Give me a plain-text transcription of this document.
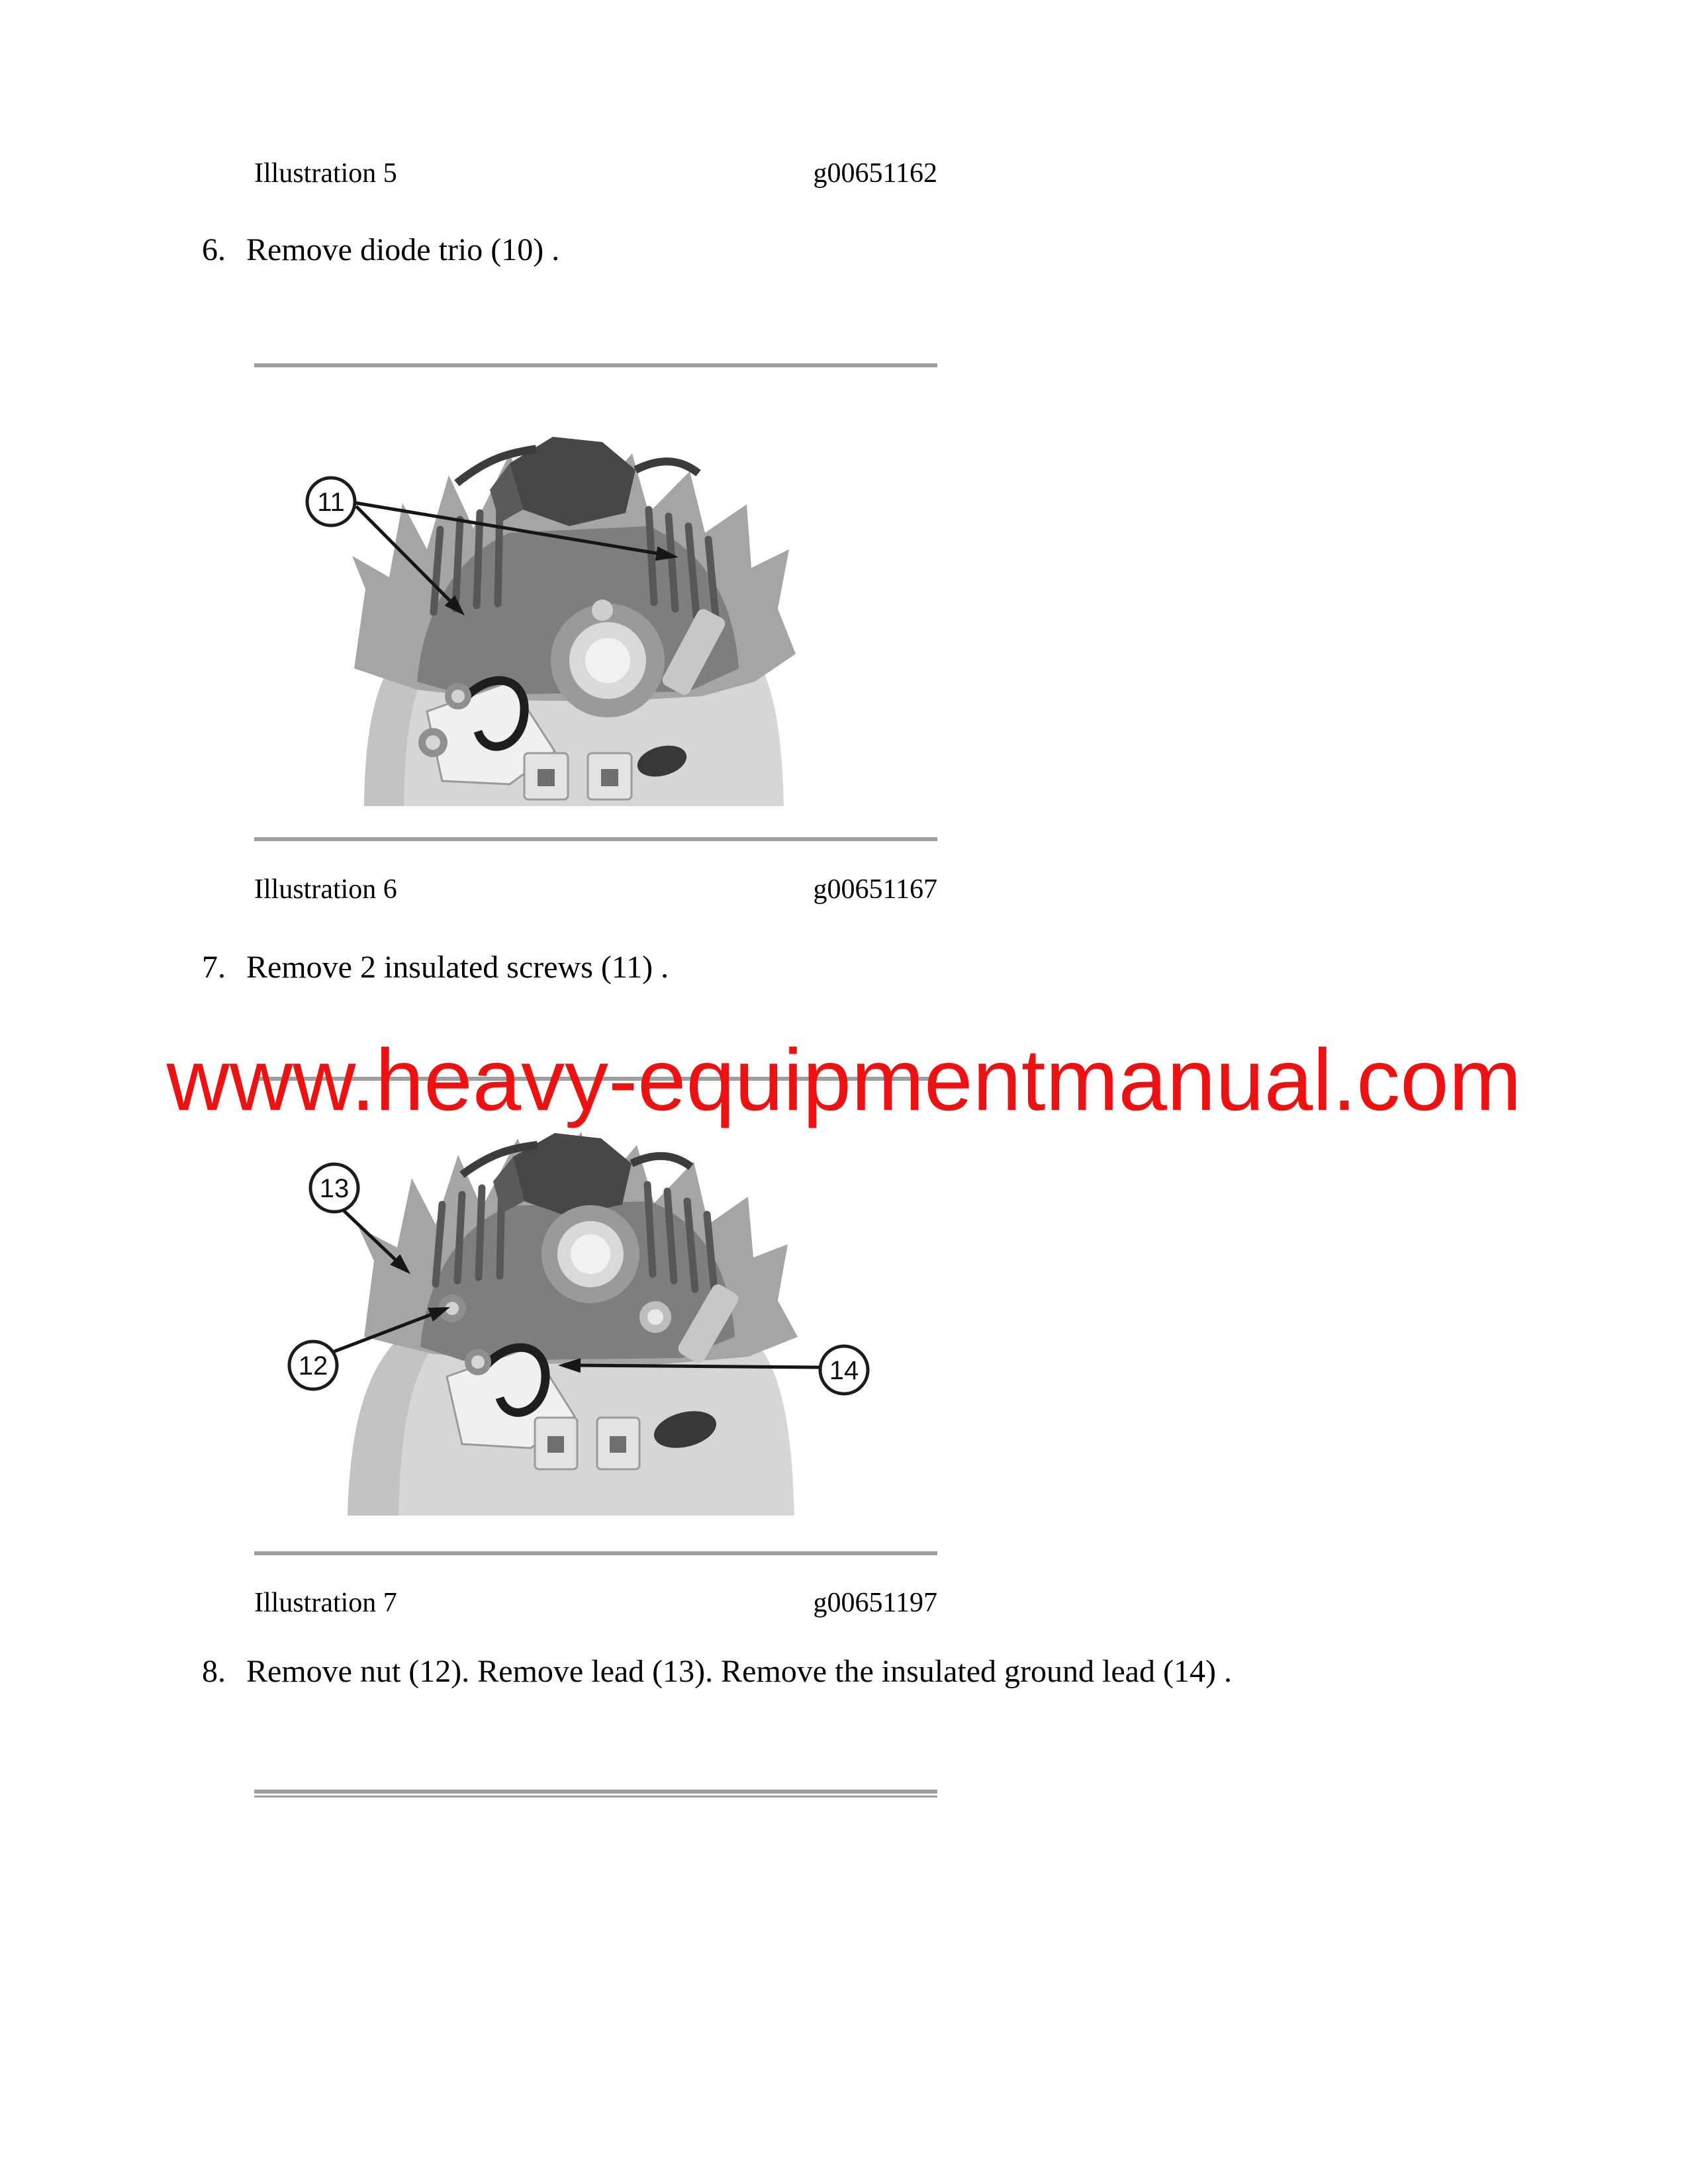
Illustration 5	g00651162
6. Remove diode trio (10) .
11
Illustration 6	g00651167
7. Remove 2 insulated screws (11) .
13
12	14
Illustration 7	g00651197
8. Remove nut (12). Remove lead (13). Remove the insulated ground lead (14) .
www.heavy-equipmentmanual.com
